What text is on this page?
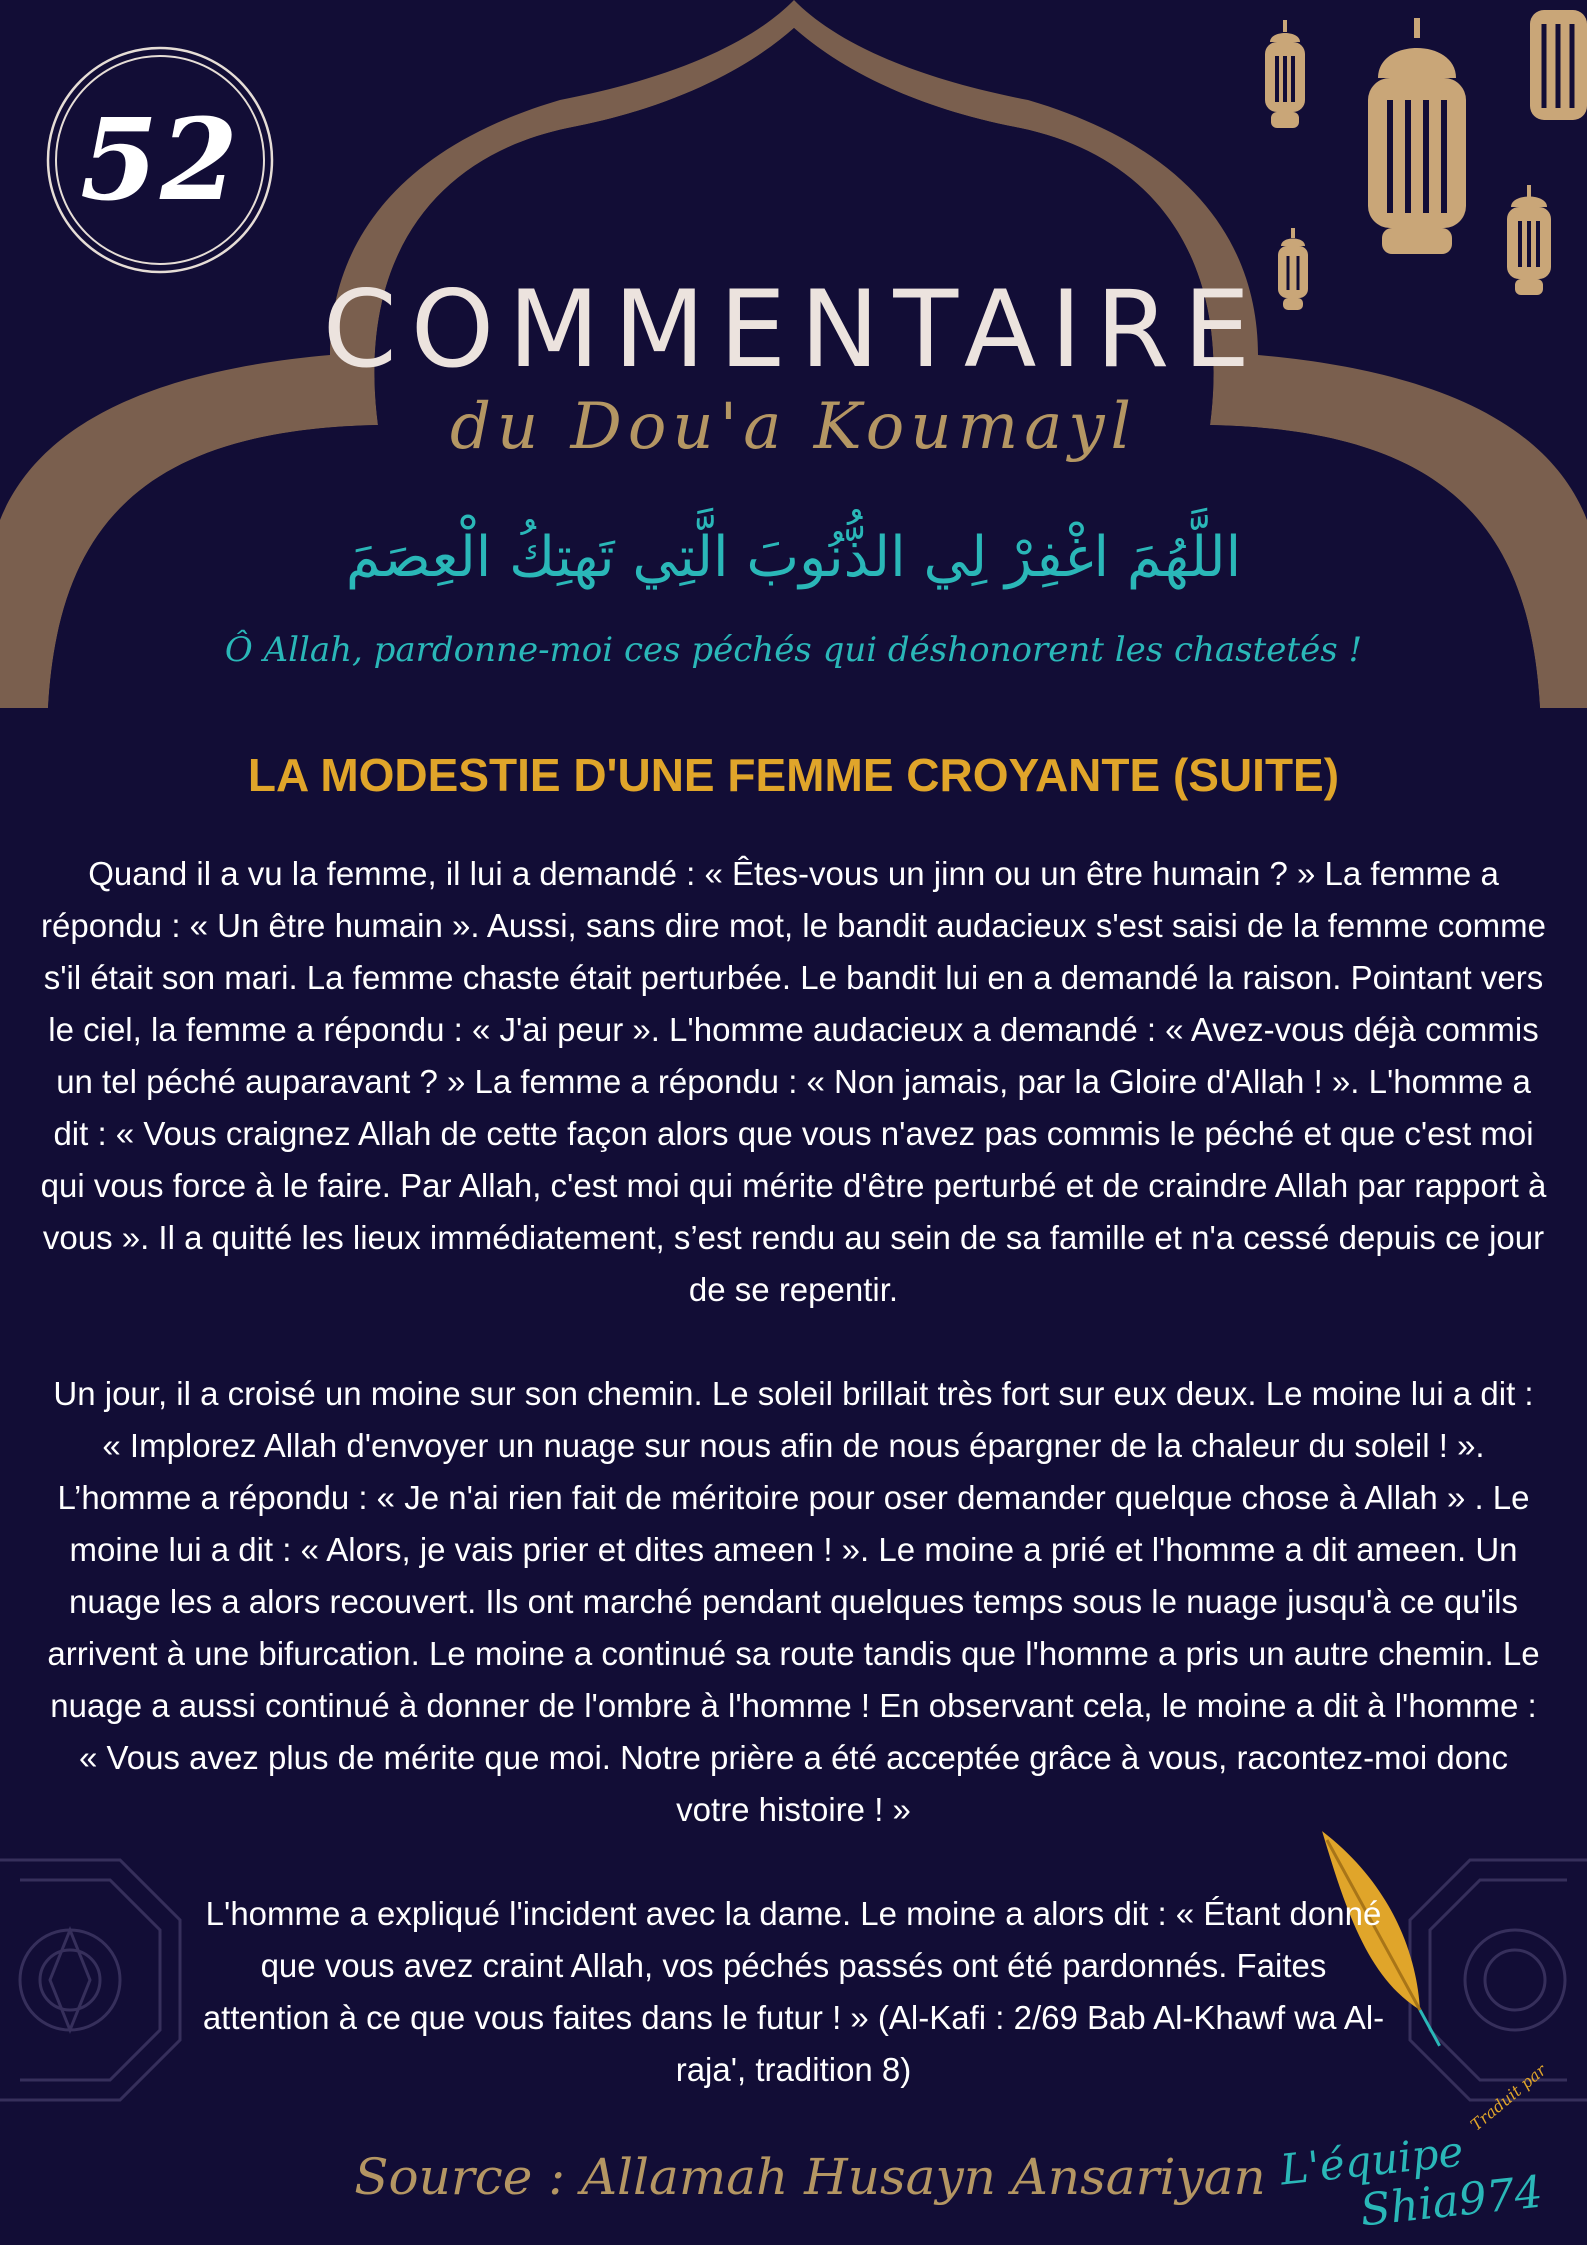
52
COMMENTAIRE
du Dou'a Koumayl
اللَّهُمَ اغْفِرْ لِي الذُّنُوبَ الَّتِي تَهتِكُ الْعِصَمَ
Ô Allah, pardonne-moi ces péchés qui déshonorent les chastetés !
LA MODESTIE D'UNE FEMME CROYANTE (SUITE)

Quand il a vu la femme, il lui a demandé : « Êtes-vous un jinn ou un être humain ? » La femme a répondu : « Un être humain ». Aussi, sans dire mot, le bandit audacieux s'est saisi de la femme comme s'il était son mari. La femme chaste était perturbée. Le bandit lui en a demandé la raison. Pointant vers le ciel, la femme a répondu : « J'ai peur ». L'homme audacieux a demandé : « Avez-vous déjà commis un tel péché auparavant ? » La femme a répondu : « Non jamais, par la Gloire d'Allah ! ». L'homme a dit : « Vous craignez Allah de cette façon alors que vous n'avez pas commis le péché et que c'est moi qui vous force à le faire. Par Allah, c'est moi qui mérite d'être perturbé et de craindre Allah par rapport à vous ». Il a quitté les lieux immédiatement, s’est rendu au sein de sa famille et n'a cessé depuis ce jour de se repentir.

Un jour, il a croisé un moine sur son chemin. Le soleil brillait très fort sur eux deux. Le moine lui a dit : « Implorez Allah d'envoyer un nuage sur nous afin de nous épargner de la chaleur du soleil ! ». L’homme a répondu : « Je n'ai rien fait de méritoire pour oser demander quelque chose à Allah » . Le moine lui a dit : « Alors, je vais prier et dites ameen ! ». Le moine a prié et l'homme a dit ameen. Un nuage les a alors recouvert. Ils ont marché pendant quelques temps sous le nuage jusqu'à ce qu'ils arrivent à une bifurcation. Le moine a continué sa route tandis que l'homme a pris un autre chemin. Le nuage a aussi continué à donner de l'ombre à l'homme ! En observant cela, le moine a dit à l'homme : « Vous avez plus de mérite que moi. Notre prière a été acceptée grâce à vous, racontez-moi donc votre histoire ! »

L'homme a expliqué l'incident avec la dame. Le moine a alors dit : « Étant donné que vous avez craint Allah, vos péchés passés ont été pardonnés. Faites attention à ce que vous faites dans le futur ! » (Al-Kafi : 2/69 Bab Al-Khawf wa Al-raja', tradition 8)

Source : Allamah Husayn Ansariyan
Traduit par
L'équipe
Shia974
